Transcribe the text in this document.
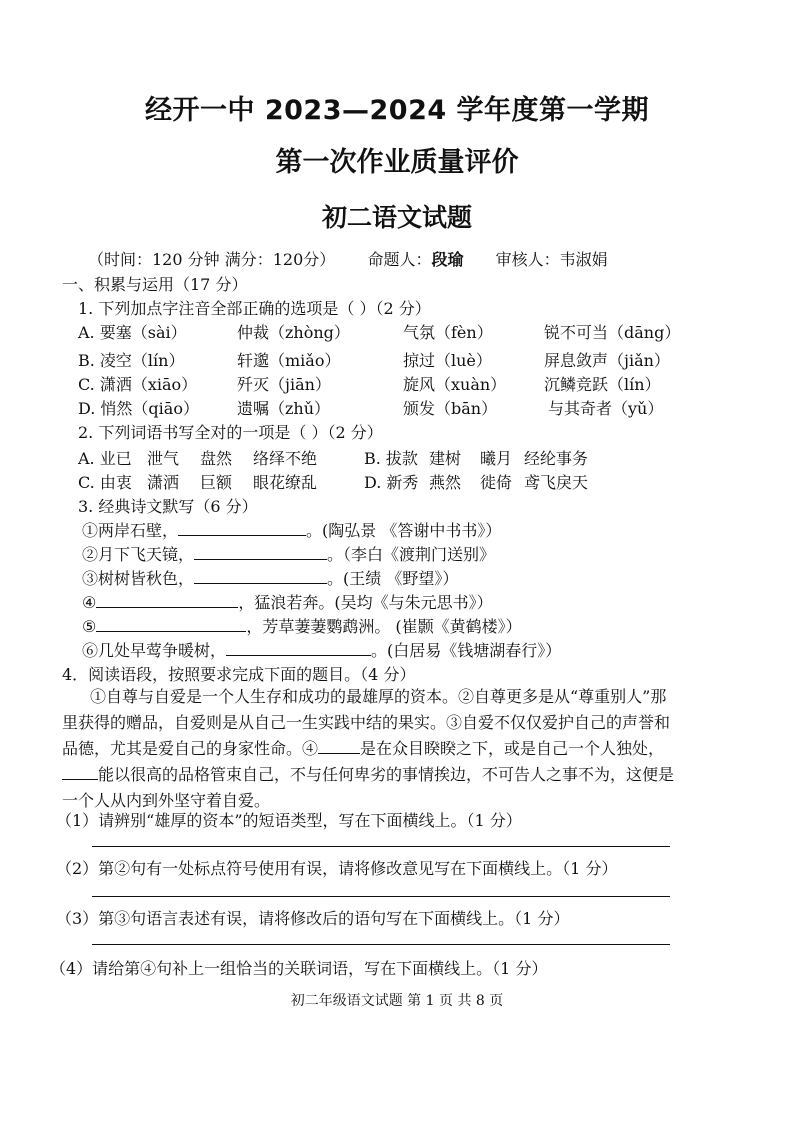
经开一中 2023—2024 学年度第一学期
第一次作业质量评价
初二语文试题
（时间：120 分钟 满分：120分） 命题人：段瑜 审核人：韦淑娟
一、积累与运用（17 分）
1. 下列加点字注音全部正确的选项是（ ）（2 分）
A. 要塞（sài）	仲裁（zhòng）	气氛（fèn）	锐不可当（dāng）
B. 凌空（lín）	轩邈（miǎo）	掠过（luè）	屏息敛声（jiǎn）
C. 潇洒（xiāo） 歼灭（jiān）	旋风（xuàn） 沉鳞竞跃（lín）
D. 悄然（qiāo） 遗嘱（zhǔ）	颁发（bān）	与其奇者（yǔ）
2. 下列词语书写全对的一项是（ ）（2 分）
A. 业已 泄气 盘然 络绎不绝	B. 拔款 建树 曦月 经纶事务
C. 由衷 潇洒 巨额 眼花缭乱	D. 新秀 燕然 徙倚 鸢飞戾天
3. 经典诗文默写（6 分）
①两岸石壁，	。(陶弘景 《答谢中书书》）
②月下飞天镜，	。（李白《渡荆门送别》
③树树皆秋色，	。(王绩 《野望》）
④	，猛浪若奔。(吴均《与朱元思书》）
⑤	，芳草萋萋鹦鹉洲。 (崔颢《黄鹤楼》）
⑥几处早莺争暖树，	。(白居易《钱塘湖春行》）
4．阅读语段，按照要求完成下面的题目。（4 分）
①自尊与自爱是一个人生存和成功的最雄厚的资本。②自尊更多是从“尊重别人”那里获得的赠品，自爱则是从自己一生实践中结的果实。③自爱不仅仅爱护自己的声誉和品德，尤其是爱自己的身家性命。④	是在众目睽睽之下，或是自己一个人独处，能以很高的品格管束自己，不与任何卑劣的事情挨边，不可告人之事不为，这便是一个人从内到外坚守着自爱。
（1）请辨别“雄厚的资本”的短语类型，写在下面横线上。（1 分）
（2）第②句有一处标点符号使用有误，请将修改意见写在下面横线上。（1 分）
（3）第③句语言表述有误，请将修改后的语句写在下面横线上。（1 分）
（4）请给第④句补上一组恰当的关联词语，写在下面横线上。（1 分）
初二年级语文试题 第 1 页 共 8 页
